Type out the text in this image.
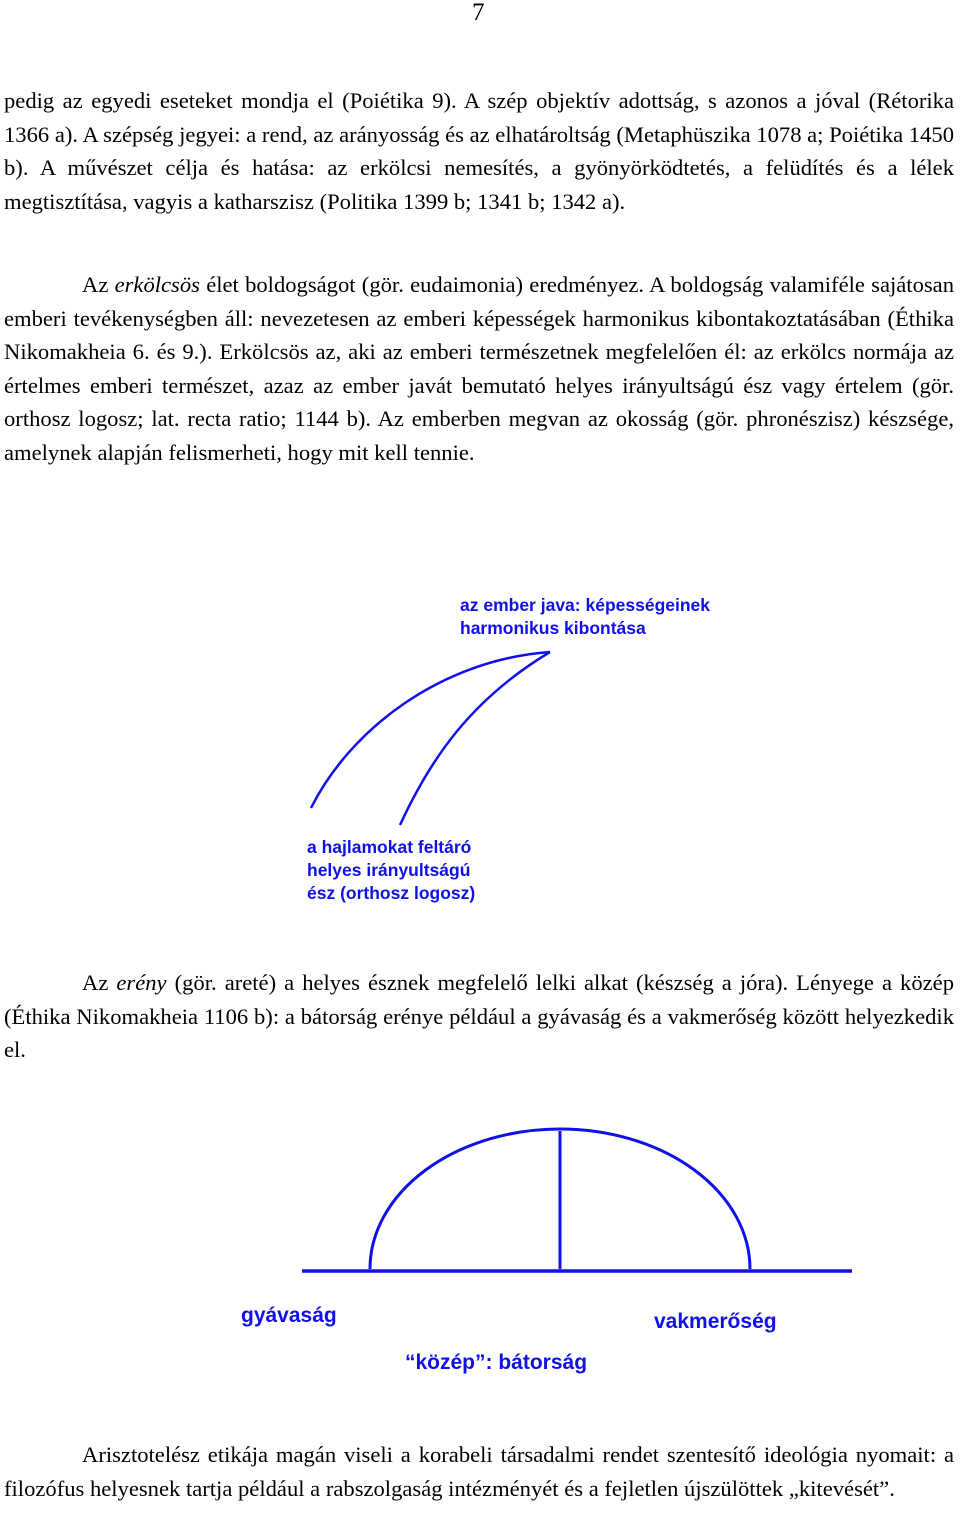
7

pedig az egyedi eseteket mondja el (Poiétika 9). A szép objektív adottság, s azonos a jóval (Rétorika 1366 a). A szépség jegyei: a rend, az arányosság és az elhatároltság (Metaphüszika 1078 a; Poiétika 1450 b). A művészet célja és hatása: az erkölcsi nemesítés, a gyönyörködtetés, a felüdítés és a lélek megtisztítása, vagyis a katharszisz (Politika 1399 b; 1341 b; 1342 a).

Az erkölcsös élet boldogságot (gör. eudaimonia) eredményez. A boldogság valamiféle sajátosan emberi tevékenységben áll: nevezetesen az emberi képességek harmonikus kibontakoztatásában (Éthika Nikomakheia 6. és 9.). Erkölcsös az, aki az emberi természetnek megfelelően él: az erkölcs normája az értelmes emberi természet, azaz az ember javát bemutató helyes irányultságú ész vagy értelem (gör. orthosz logosz; lat. recta ratio; 1144 b). Az emberben megvan az okosság (gör. phronészisz) készsége, amelynek alapján felismerheti, hogy mit kell tennie.

az ember java: képességeinek
harmonikus kibontása
a hajlamokat feltáró
helyes irányultságú
ész (orthosz logosz)

Az erény (gör. areté) a helyes észnek megfelelő lelki alkat (készség a jóra). Lényege a közép (Éthika Nikomakheia 1106 b): a bátorság erénye például a gyávaság és a vakmerőség között helyezkedik el.

gyávaság	vakmerőség
“közép”: bátorság

Arisztotelész etikája magán viseli a korabeli társadalmi rendet szentesítő ideológia nyomait: a filozófus helyesnek tartja például a rabszolgaság intézményét és a fejletlen újszülöttek „kitevését”.
